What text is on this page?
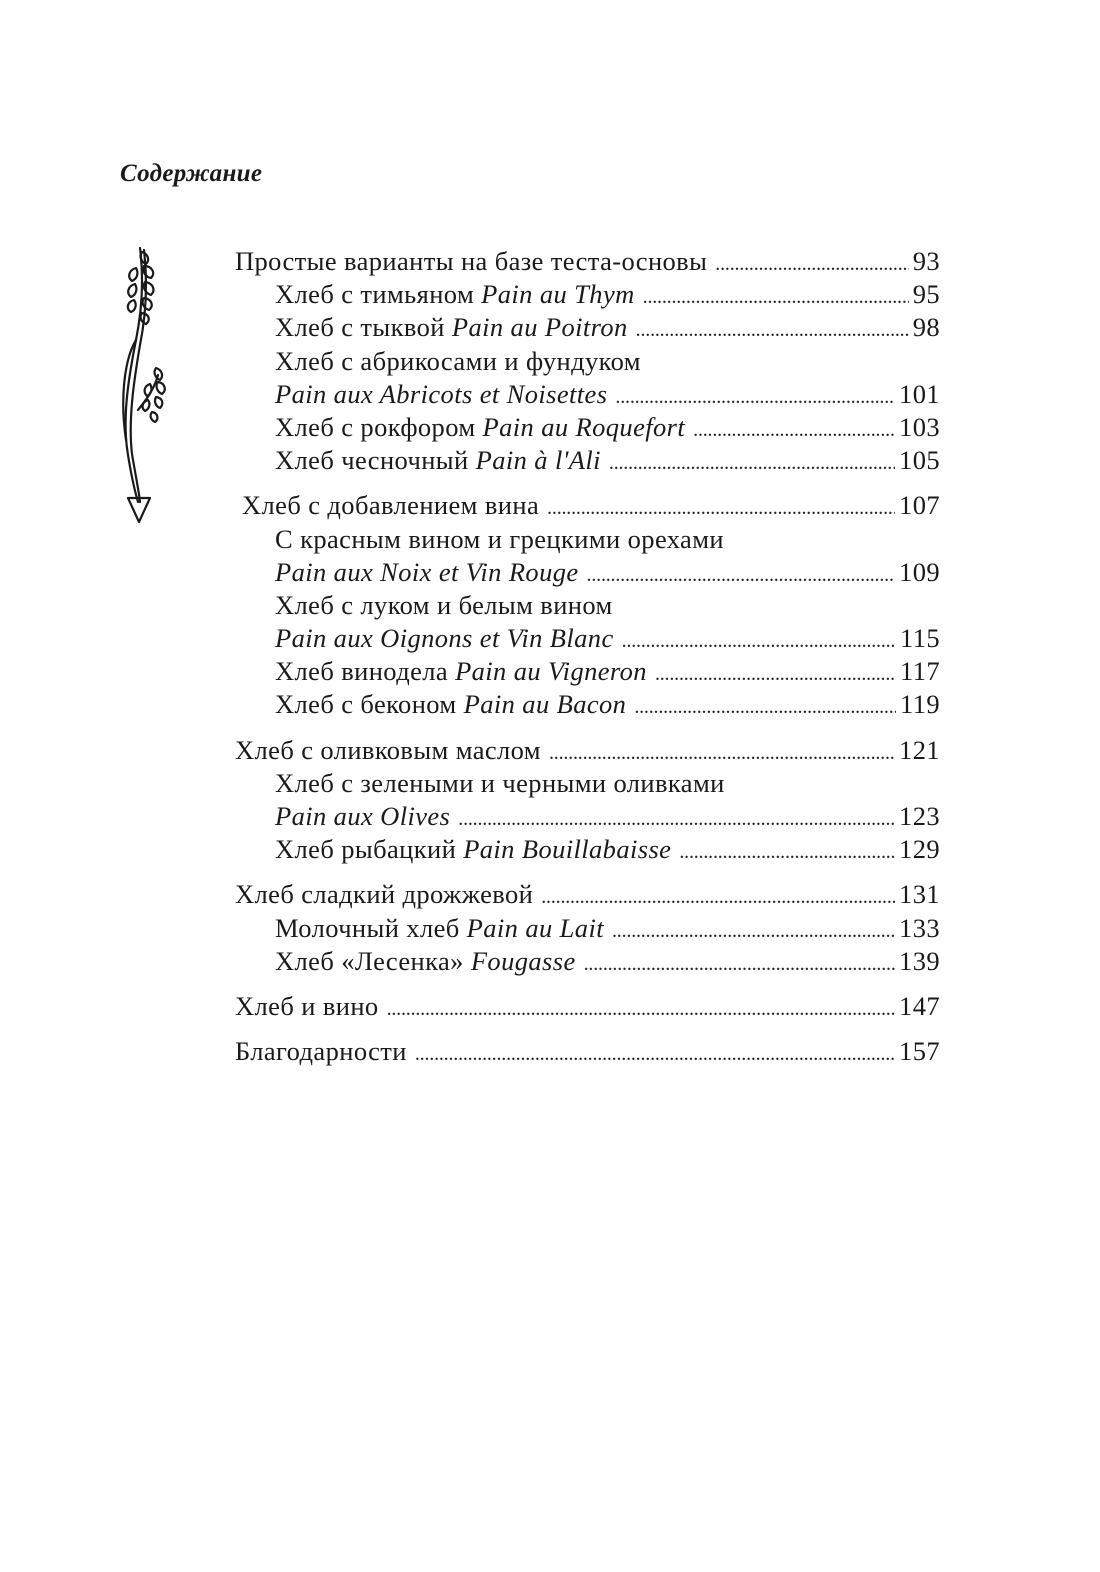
Содержание
Простые варианты на базе теста-основы . . .	93
Хлеб с тимьяном Pain au Thym . . .	95
Хлеб с тыквой Pain au Poitron . . .	98
Хлеб с абрикосами и фундуком
Pain aux Abricots et Noisettes . . .	101
Хлеб с рокфором Pain au Roquefort . . .	103
Хлеб чесночный Pain à l'Ali . . .	105
Хлеб с добавлением вина . . .	107
С красным вином и грецкими орехами
Pain aux Noix et Vin Rouge . . .	109
Хлеб с луком и белым вином
Pain aux Oignons et Vin Blanc . . .	115
Хлеб винодела Pain au Vigneron . . .	117
Хлеб с беконом Pain au Bacon . . .	119
Хлеб с оливковым маслом . . .	121
Хлеб с зелеными и черными оливками
Pain aux Olives . . .	123
Хлеб рыбацкий Pain Bouillabaisse . . .	129
Хлеб сладкий дрожжевой . . .	131
Молочный хлеб Pain au Lait . . .	133
Хлеб «Лесенка» Fougasse . . .	139
Хлеб и вино . . .	147
Благодарности . . .	157
